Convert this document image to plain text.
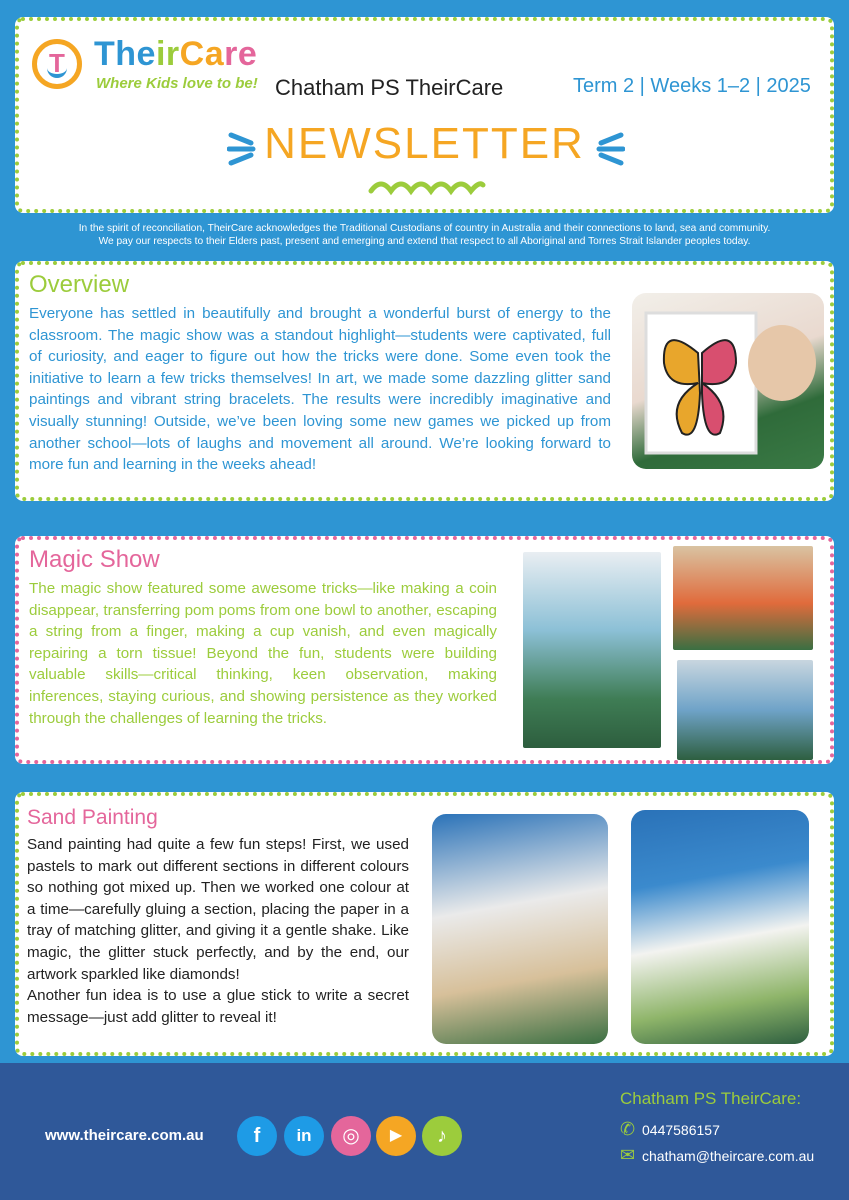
T TheirCare
Where Kids love to be! Chatham PS TheirCare	Term 2 | Weeks 1–2 | 2025
NEWSLETTER
In the spirit of reconciliation, TheirCare acknowledges the Traditional Custodians of country in Australia and their connections to land, sea and community.
We pay our respects to their Elders past, present and emerging and extend that respect to all Aboriginal and Torres Strait Islander peoples today.
Overview
Everyone has settled in beautifully and brought a wonderful burst of energy to the classroom. The magic show was a standout highlight—students were captivated, full of curiosity, and eager to figure out how the tricks were done. Some even took the initiative to learn a few tricks themselves! In art, we made some dazzling glitter sand paintings and vibrant string bracelets. The results were incredibly imaginative and visually stunning! Outside, we’ve been loving some new games we picked up from another school—lots of laughs and movement all around. We’re looking forward to more fun and learning in the weeks ahead!
Magic Show
The magic show featured some awesome tricks—like making a coin disappear, transferring pom poms from one bowl to another, escaping a string from a finger, making a cup vanish, and even magically repairing a torn tissue! Beyond the fun, students were building valuable skills—critical thinking, keen observation, making inferences, staying curious, and showing persistence as they worked through the challenges of learning the tricks.
Sand Painting
Sand painting had quite a few fun steps! First, we used pastels to mark out different sections in different colours so nothing got mixed up. Then we worked one colour at a time—carefully gluing a section, placing the paper in a tray of matching glitter, and giving it a gentle shake. Like magic, the glitter stuck perfectly, and by the end, our artwork sparkled like diamonds!
Another fun idea is to use a glue stick to write a secret message—just add glitter to reveal it!
www.theircare.com.au	f	in	◎	▶	♪
Chatham PS TheirCare:
✆ 0447586157
✉ chatham@theircare.com.au
